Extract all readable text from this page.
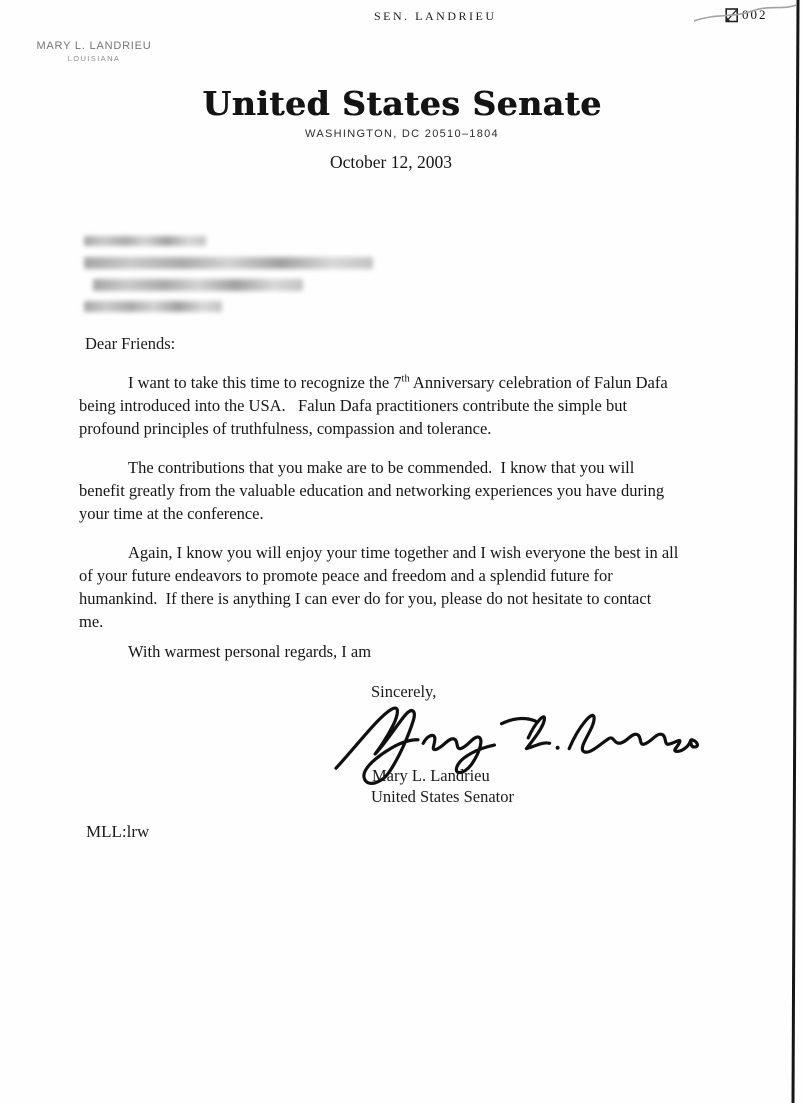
SEN. LANDRIEU	002
MARY L. LANDRIEU
LOUISIANA
United States Senate
WASHINGTON, DC 20510–1804
October 12, 2003
Dear Friends:
I want to take this time to recognize the 7th Anniversary celebration of Falun Dafa
being introduced into the USA.   Falun Dafa practitioners contribute the simple but
profound principles of truthfulness, compassion and tolerance.
The contributions that you make are to be commended.  I know that you will
benefit greatly from the valuable education and networking experiences you have during
your time at the conference.
Again, I know you will enjoy your time together and I wish everyone the best in all
of your future endeavors to promote peace and freedom and a splendid future for
humankind.  If there is anything I can ever do for you, please do not hesitate to contact
me.
With warmest personal regards, I am
Sincerely,
Mary L. Landrieu
United States Senator
MLL:lrw
